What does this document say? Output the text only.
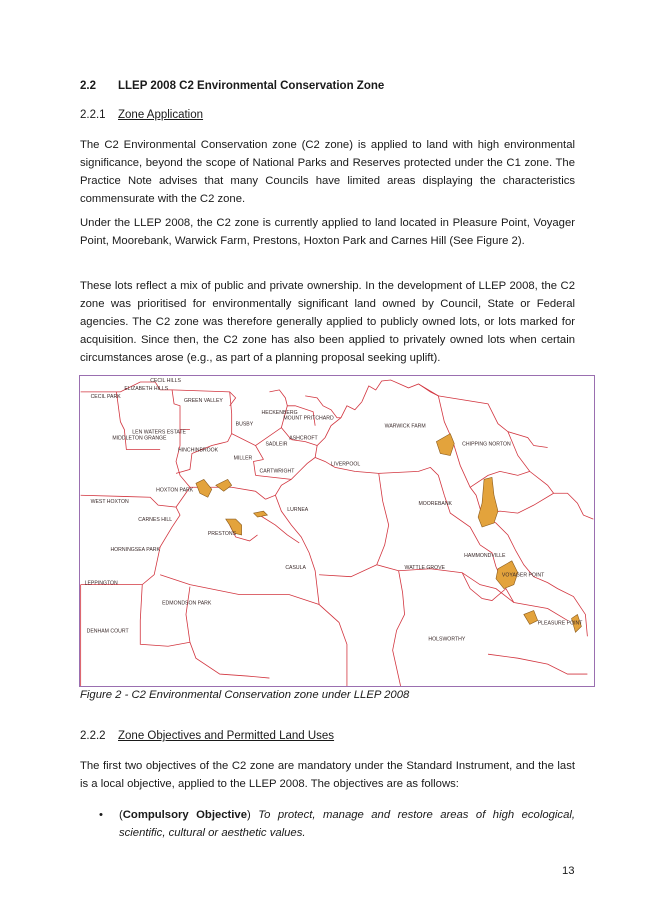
2.2 LLEP 2008 C2 Environmental Conservation Zone
2.2.1 Zone Application

The C2 Environmental Conservation zone (C2 zone) is applied to land with high environmental significance, beyond the scope of National Parks and Reserves protected under the C1 zone. The Practice Note advises that many Councils have limited areas displaying the characteristics commensurate with the C2 zone.

Under the LLEP 2008, the C2 zone is currently applied to land located in Pleasure Point, Voyager Point, Moorebank, Warwick Farm, Prestons, Hoxton Park and Carnes Hill (See Figure 2).

These lots reflect a mix of public and private ownership. In the development of LLEP 2008, the C2 zone was prioritised for environmentally significant land owned by Council, State or Federal agencies. The C2 zone was therefore generally applied to publicly owned lots, or lots marked for acquisition. Since then, the C2 zone has also been applied to privately owned lots when certain circumstances arose (e.g., as part of a planning proposal seeking uplift).

CECIL HILLS
ELIZABETH HILLS
CECIL PARK
GREEN VALLEY
HECKENBERG
MOUNT PRITCHARD
BUSBY
LEN WATERS ESTATE
MIDDLETON GRANGE	ASHCROFT
SADLEIR
WARWICK FARM
CHIPPING NORTON
HINCHINBROOK
MILLER
CARTWRIGHT
LIVERPOOL
HOXTON PARK
WEST HOXTON	MOOREBANK
LURNEA
CARNES HILL
PRESTONS
HORNINGSEA PARK
HAMMONDVILLE
CASULA	WATTLE GROVE
VOYAGER POINT
LEPPINGTON
EDMONDSON PARK
PLEASURE POINT
DENHAM COURT
HOLSWORTHY
Figure 2 - C2 Environmental Conservation zone under LLEP 2008
2.2.2 Zone Objectives and Permitted Land Uses

The first two objectives of the C2 zone are mandatory under the Standard Instrument, and the last is a local objective, applied to the LLEP 2008. The objectives are as follows:

• (Compulsory Objective) To protect, manage and restore areas of high ecological, scientific, cultural or aesthetic values.
13
